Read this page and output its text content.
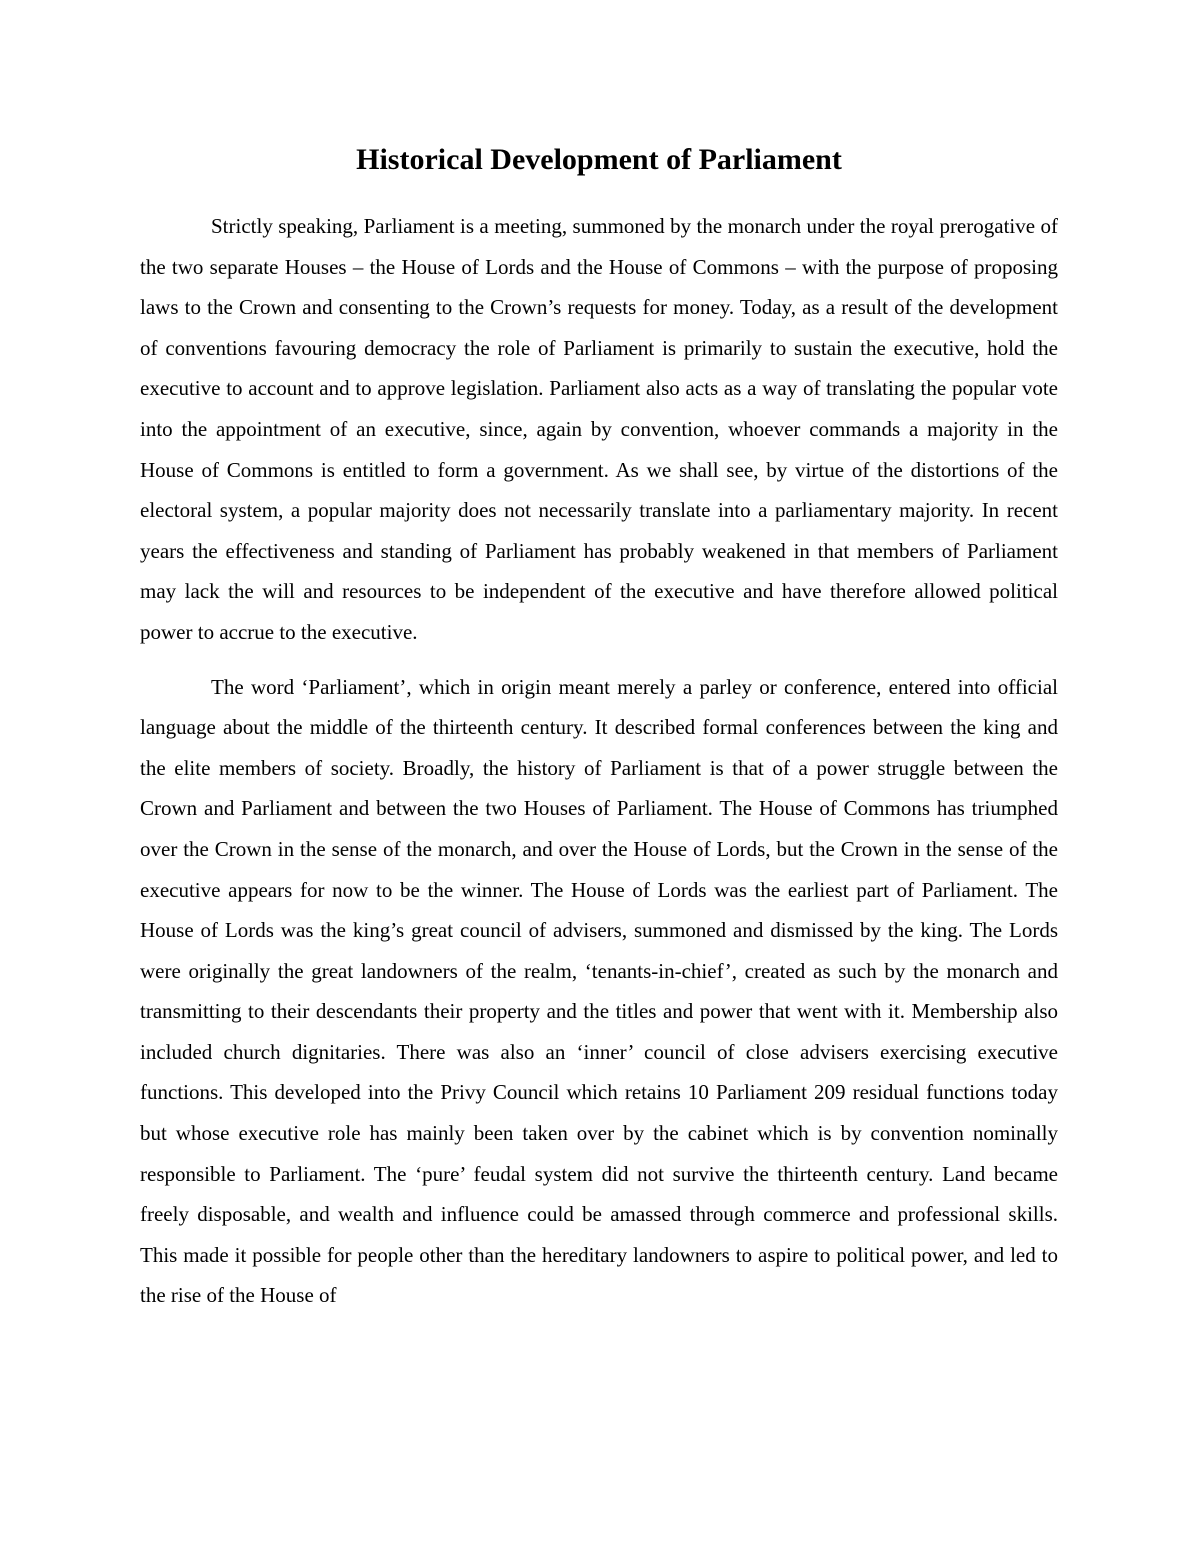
Historical Development of Parliament

Strictly speaking, Parliament is a meeting, summoned by the monarch under the royal prerogative of the two separate Houses – the House of Lords and the House of Commons – with the purpose of proposing laws to the Crown and consenting to the Crown’s requests for money. Today, as a result of the development of conventions favouring democracy the role of Parliament is primarily to sustain the executive, hold the executive to account and to approve legislation. Parliament also acts as a way of translating the popular vote into the appointment of an executive, since, again by convention, whoever commands a majority in the House of Commons is entitled to form a government. As we shall see, by virtue of the distortions of the electoral system, a popular majority does not necessarily translate into a parliamentary majority. In recent years the effectiveness and standing of Parliament has probably weakened in that members of Parliament may lack the will and resources to be independent of the executive and have therefore allowed political power to accrue to the executive.

The word ‘Parliament’, which in origin meant merely a parley or conference, entered into official language about the middle of the thirteenth century. It described formal conferences between the king and the elite members of society. Broadly, the history of Parliament is that of a power struggle between the Crown and Parliament and between the two Houses of Parliament. The House of Commons has triumphed over the Crown in the sense of the monarch, and over the House of Lords, but the Crown in the sense of the executive appears for now to be the winner. The House of Lords was the earliest part of Parliament. The House of Lords was the king’s great council of advisers, summoned and dismissed by the king. The Lords were originally the great landowners of the realm, ‘tenants-in-chief’, created as such by the monarch and transmitting to their descendants their property and the titles and power that went with it. Membership also included church dignitaries. There was also an ‘inner’ council of close advisers exercising executive functions. This developed into the Privy Council which retains 10 Parliament 209 residual functions today but whose executive role has mainly been taken over by the cabinet which is by convention nominally responsible to Parliament. The ‘pure’ feudal system did not survive the thirteenth century. Land became freely disposable, and wealth and influence could be amassed through commerce and professional skills. This made it possible for people other than the hereditary landowners to aspire to political power, and led to the rise of the House of
